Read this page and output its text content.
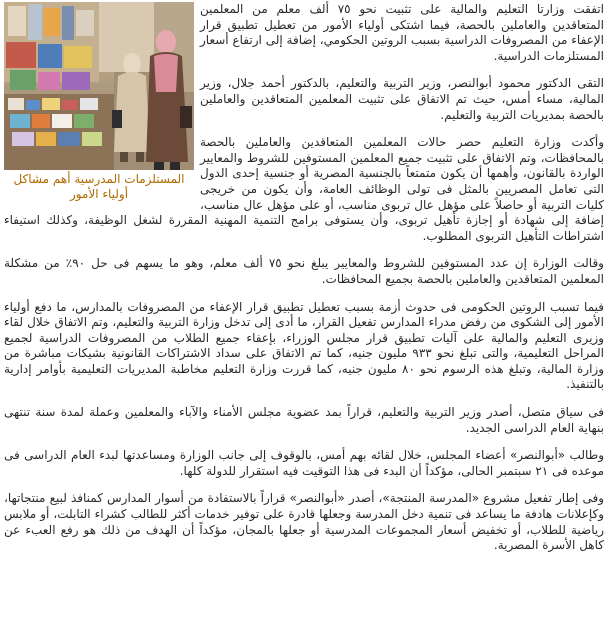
المستلزمات المدرسية أهم مشاكل أولياء الأمور

اتفقت وزارتا التعليم والمالية على تثبيت نحو ٧٥ ألف معلم من المعلمين المتعاقدين والعاملين بالحصة، فيما اشتكى أولياء الأمور من تعطيل تطبيق قرار الإعفاء من المصروفات الدراسية بسبب الروتين الحكومي، إضافة إلى ارتفاع أسعار المستلزمات الدراسية.

التقى الدكتور محمود أبوالنصر، وزير التربية والتعليم، بالدكتور أحمد جلال، وزير المالية، مساء أمس، حيث تم الاتفاق على تثبيت المعلمين المتعاقدين والعاملين بالحصة بمديريات التربية والتعليم.

وأكدت وزارة التعليم حصر حالات المعلمين المتعاقدين والعاملين بالحصة بالمحافظات، وتم الاتفاق على تثبيت جميع المعلمين المستوفين للشروط والمعايير الواردة بالقانون، وأهمها أن يكون متمتعاً بالجنسية المصرية أو جنسية إحدى الدول التى تعامل المصريين بالمثل فى تولى الوظائف العامة، وأن يكون من خريجى كليات التربية أو حاصلاً على مؤهل عال تربوى مناسب، أو على مؤهل عال مناسب، إضافة إلى شهادة أو إجازة تأهيل تربوى، وأن يستوفى برامج التنمية المهنية المقررة لشغل الوظيفة، وكذلك استيفاء اشتراطات التأهيل التربوى المطلوب.

وقالت الوزارة إن عدد المستوفين للشروط والمعايير يبلغ نحو ٧٥ ألف معلم، وهو ما يسهم فى حل ٩٠٪ من مشكلة المعلمين المتعاقدين والعاملين بالحصة بجميع المحافظات.

فيما تسبب الروتين الحكومى فى حدوث أزمة بسبب تعطيل تطبيق قرار الإعفاء من المصروفات بالمدارس، ما دفع أولياء الأمور إلى الشكوى من رفض مدراء المدارس تفعيل القرار، ما أدى إلى تدخل وزارة التربية والتعليم، وتم الاتفاق خلال لقاء وزيرى التعليم والمالية على آليات تطبيق قرار مجلس الوزراء، بإعفاء جميع الطلاب من المصروفات الدراسية لجميع المراحل التعليمية، والتى تبلغ نحو ٩٣٣ مليون جنيه، كما تم الاتفاق على سداد الاشتراكات القانونية بشيكات مباشرة من وزارة المالية، وتبلغ هذه الرسوم نحو ٨٠ مليون جنيه، كما قررت وزارة التعليم مخاطبة المديريات التعليمية بأوامر إدارية بالتنفيذ.

فى سياق متصل، أصدر وزير التربية والتعليم، قراراً بمد عضوية مجلس الأمناء والآباء والمعلمين وعملة لمدة سنة تنتهى بنهاية العام الدراسى الجديد.

وطالب «أبوالنصر» أعضاء المجلس، خلال لقائه بهم أمس، بالوقوف إلى جانب الوزارة ومساعدتها لبدء العام الدراسى فى موعده فى ٢١ سبتمبر الحالى، مؤكداً أن البدء فى هذا التوقيت فيه استقرار للدولة كلها.

وفى إطار تفعيل مشروع «المدرسة المنتجة»، أصدر «أبوالنصر» قراراً بالاستفادة من أسوار المدارس كمنافذ لبيع منتجاتها، وكإعلانات هادفة ما يساعد فى تنمية دخل المدرسة وجعلها قادرة على توفير خدمات أكثر للطالب كشراء التابلت، أو ملابس رياضية للطلاب، أو تخفيض أسعار المجموعات المدرسية أو جعلها بالمجان، مؤكداً أن الهدف من ذلك هو رفع العبء عن كاهل الأسرة المصرية.
